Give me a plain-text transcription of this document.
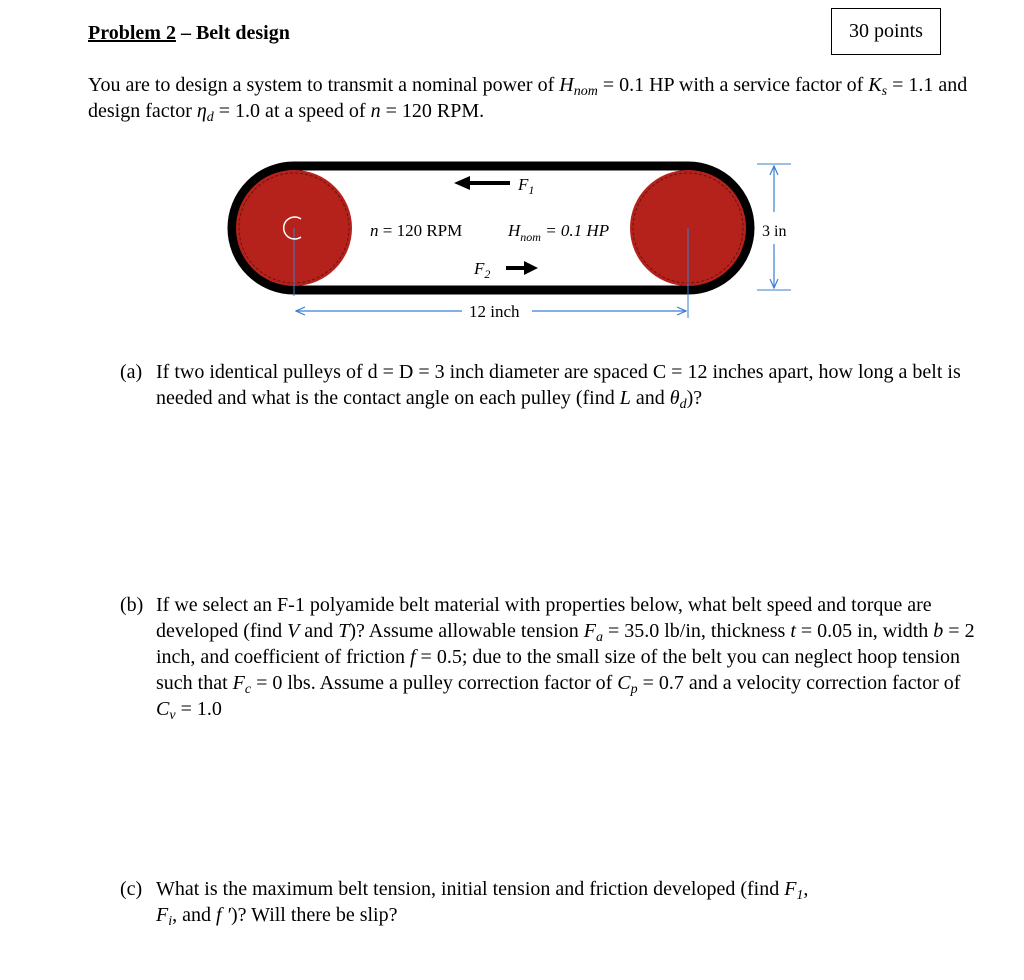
Problem 2 – Belt design	30 points
You are to design a system to transmit a nominal power of $H_{nom} = 0.1$ HP with a service factor of $K_s = 1.1$ and design factor $\eta_d = 1.0$ at a speed of n = 120 RPM.
$F_1$
n = 120 RPM	$H_{nom} = 0.1$ HP
$F_2$
3 in
12 inch
(a) If two identical pulleys of d = D = 3 inch diameter are spaced C = 12 inches apart, how long a belt is needed and what is the contact angle on each pulley (find L and $\theta_d$)?
(b) If we select an F-1 polyamide belt material with properties below, what belt speed and torque are developed (find V and T)? Assume allowable tension $F_a = 35.0$ lb/in, thickness t = 0.05 in, width b = 2 inch, and coefficient of friction f = 0.5; due to the small size of the belt you can neglect hoop tension such that $F_c = 0$ lbs. Assume a pulley correction factor of $C_p = 0.7$ and a velocity correction factor of $C_v = 1.0$
(c) What is the maximum belt tension, initial tension and friction developed (find $F_1$, $F_i$, and f ′)? Will there be slip?
